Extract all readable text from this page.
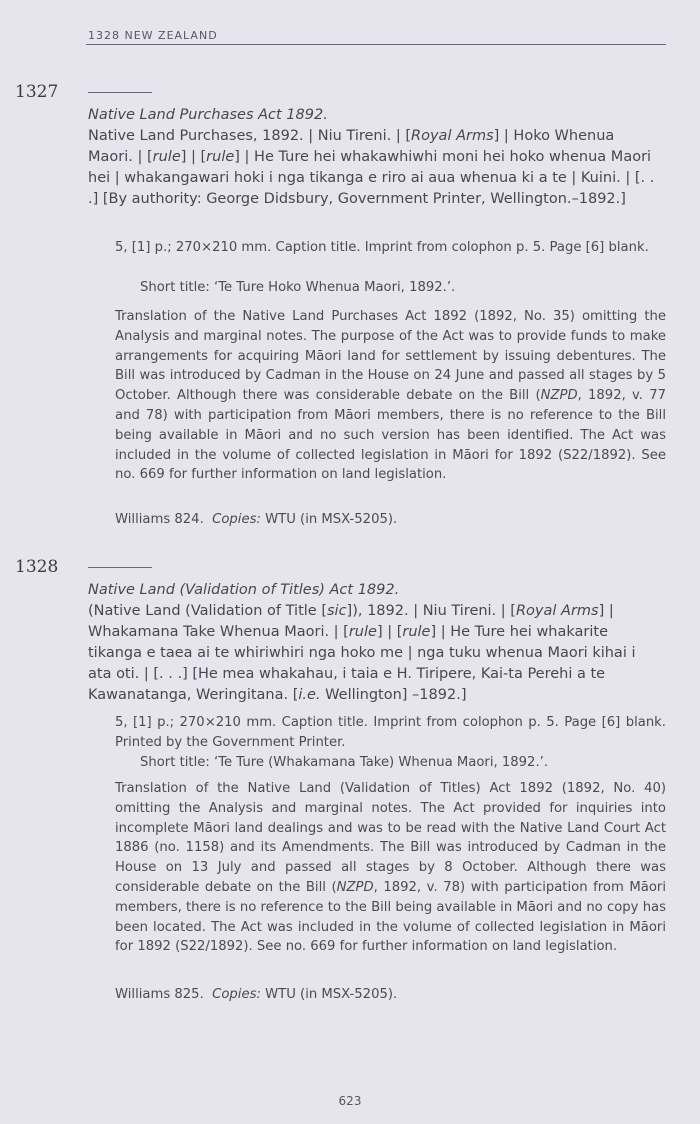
1328 NEW ZEALAND
1327
Native Land Purchases Act 1892.
Native Land Purchases, 1892. | Niu Tireni. | [Royal Arms] | Hoko Whenua Maori. | [rule] | [rule] | He Ture hei whakawhiwhi moni hei hoko whenua Maori hei | whakangawari hoki i nga tikanga e riro ai aua whenua ki a te | Kuini. | [. . .] [By authority: George Didsbury, Government Printer, Wellington.–1892.]
5, [1] p.; 270×210 mm. Caption title. Imprint from colophon p. 5. Page [6] blank.
Short title: ‘Te Ture Hoko Whenua Maori, 1892.’.
Translation of the Native Land Purchases Act 1892 (1892, No. 35) omitting the Analysis and marginal notes. The purpose of the Act was to provide funds to make arrangements for acquiring Māori land for settlement by issuing debentures. The Bill was introduced by Cadman in the House on 24 June and passed all stages by 5 October. Although there was considerable debate on the Bill (NZPD, 1892, v. 77 and 78) with participation from Māori members, there is no reference to the Bill being available in Māori and no such version has been identified. The Act was included in the volume of collected legislation in Māori for 1892 (S22/1892). See no. 669 for further information on land legislation.
Williams 824. Copies: WTU (in MSX-5205).
1328
Native Land (Validation of Titles) Act 1892.
(Native Land (Validation of Title [sic]), 1892. | Niu Tireni. | [Royal Arms] | Whakamana Take Whenua Maori. | [rule] | [rule] | He Ture hei whakarite tikanga e taea ai te whiriwhiri nga hoko me | nga tuku whenua Maori kihai i ata oti. | [. . .] [He mea whakahau, i taia e H. Tiripere, Kai-ta Perehi a te Kawanatanga, Weringitana. [i.e. Wellington] –1892.]
5, [1] p.; 270×210 mm. Caption title. Imprint from colophon p. 5. Page [6] blank. Printed by the Government Printer.
Short title: ‘Te Ture (Whakamana Take) Whenua Maori, 1892.’.
Translation of the Native Land (Validation of Titles) Act 1892 (1892, No. 40) omitting the Analysis and marginal notes. The Act provided for inquiries into incomplete Māori land dealings and was to be read with the Native Land Court Act 1886 (no. 1158) and its Amendments. The Bill was introduced by Cadman in the House on 13 July and passed all stages by 8 October. Although there was considerable debate on the Bill (NZPD, 1892, v. 78) with participation from Māori members, there is no reference to the Bill being available in Māori and no copy has been located. The Act was included in the volume of collected legislation in Māori for 1892 (S22/1892). See no. 669 for further information on land legislation.
Williams 825. Copies: WTU (in MSX-5205).
623
